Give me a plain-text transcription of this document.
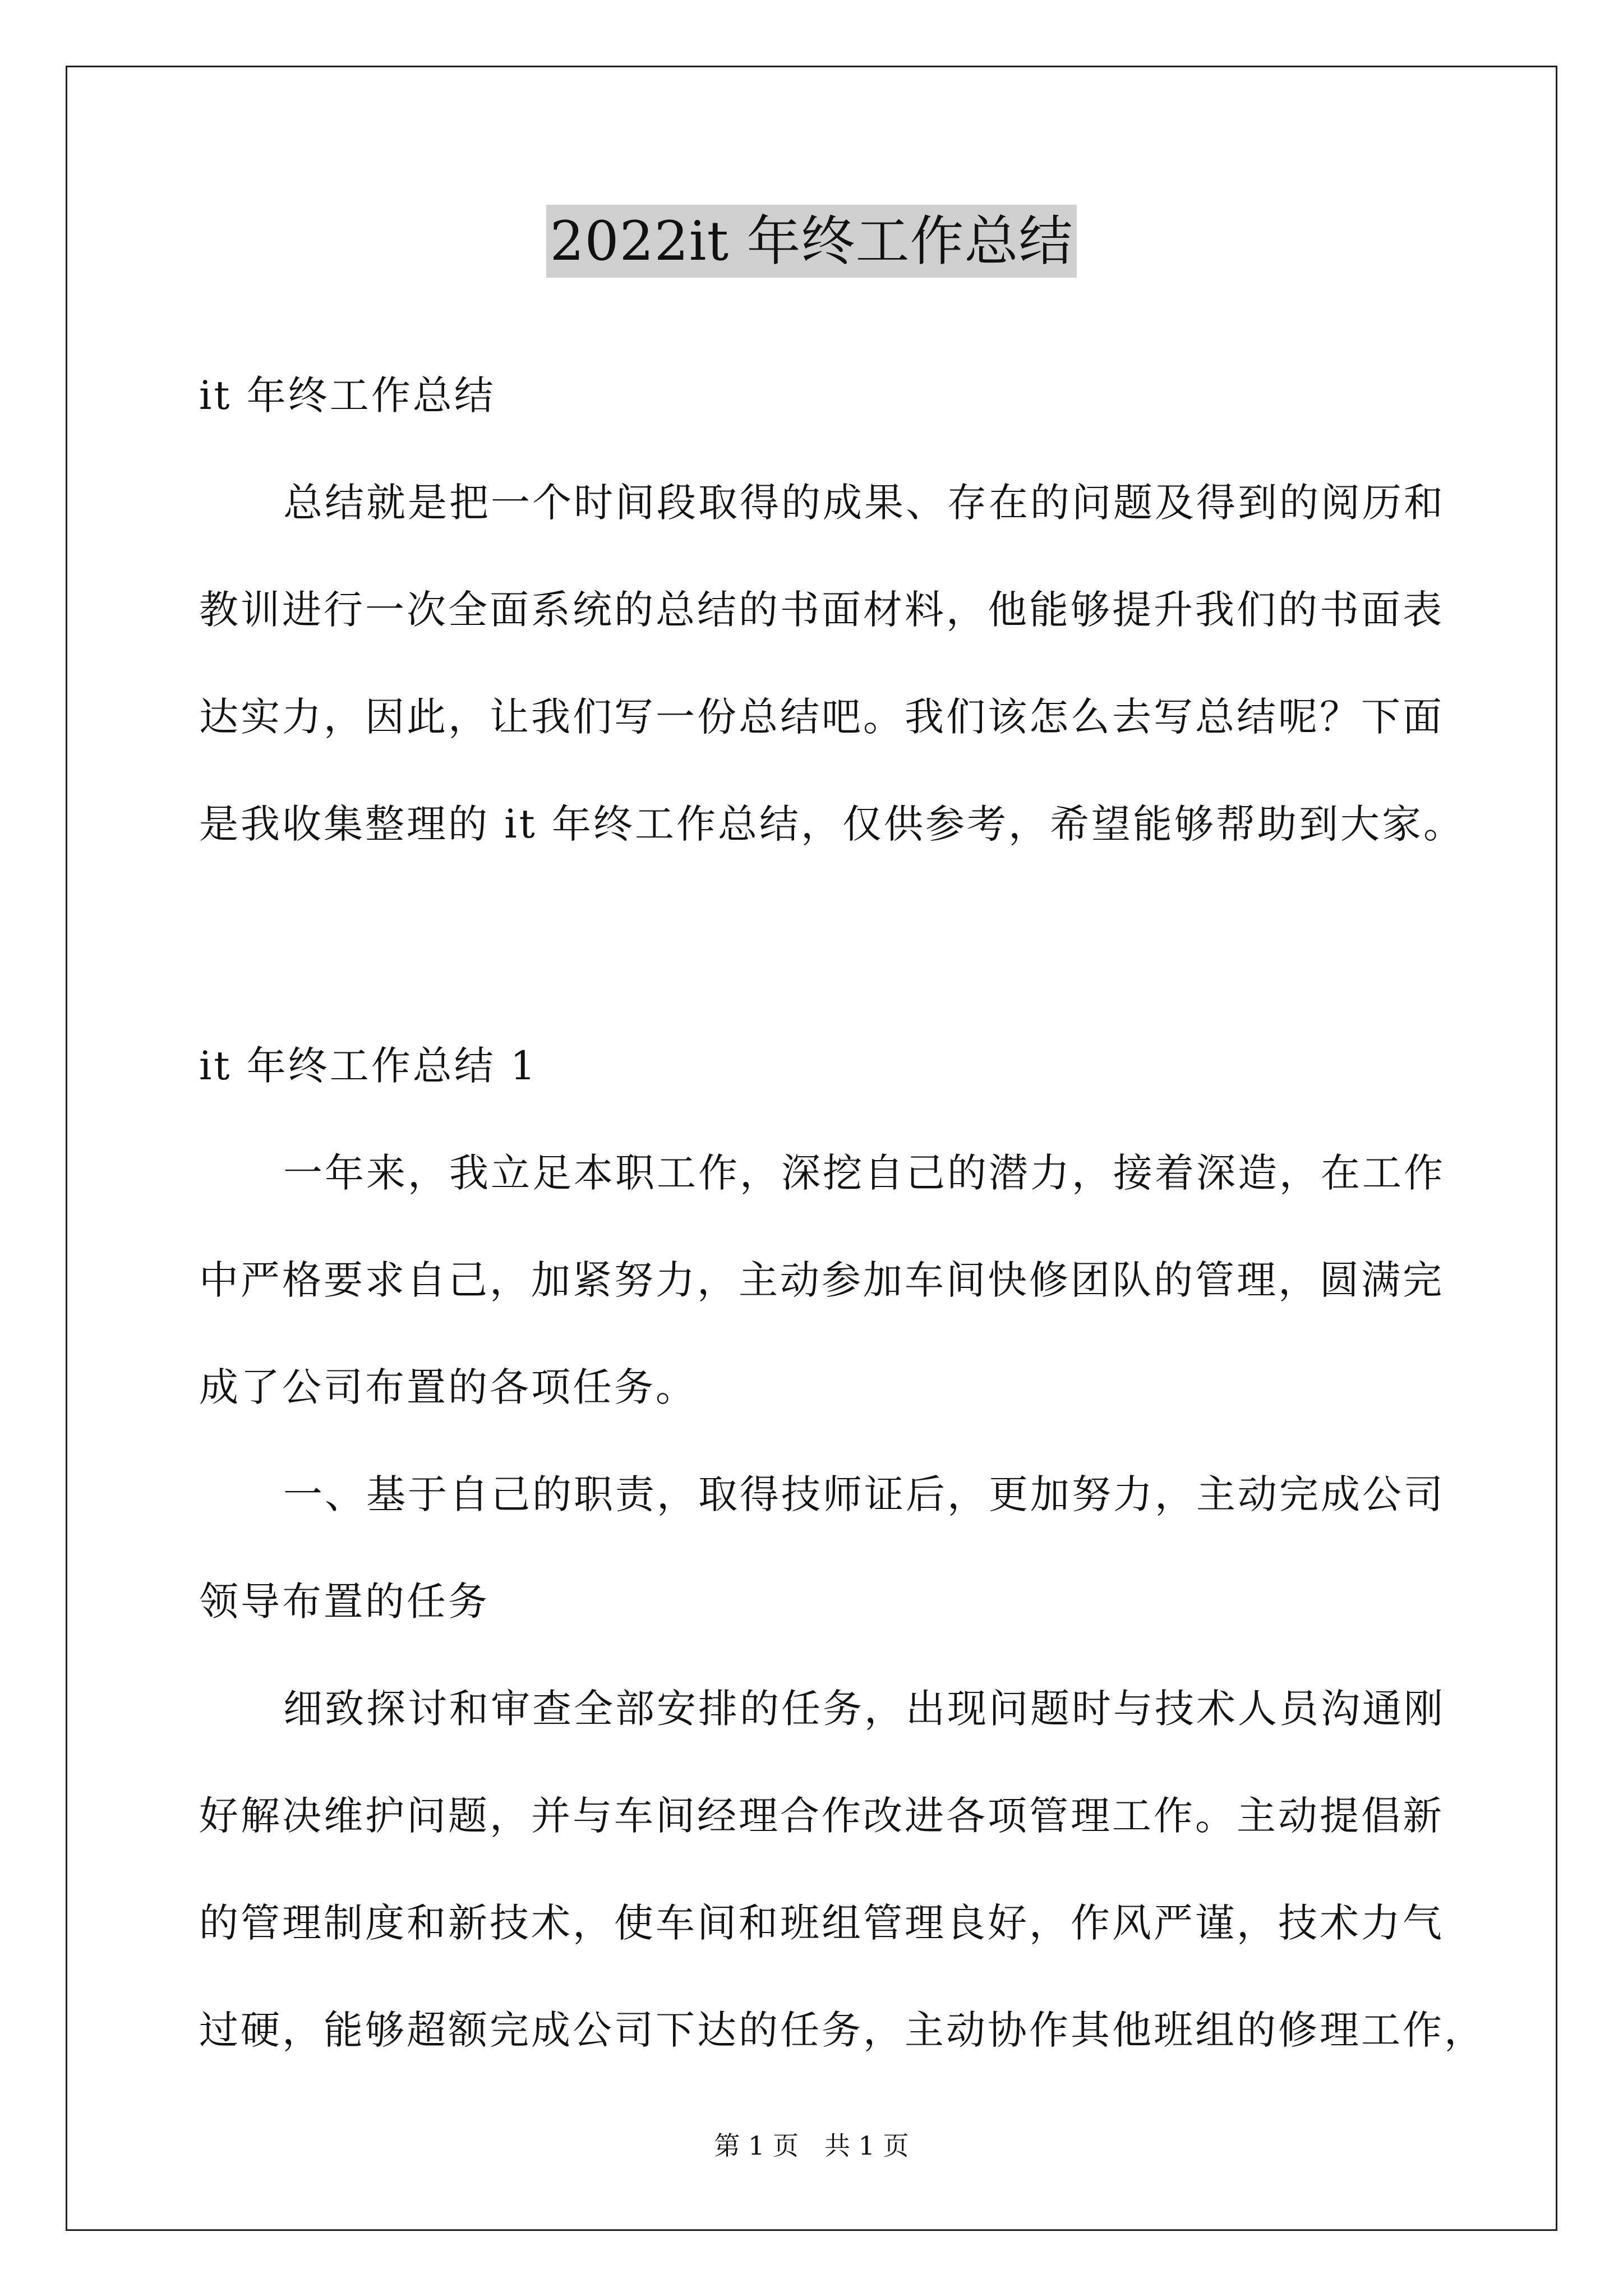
2022it 年终工作总结
it 年终工作总结
总结就是把一个时间段取得的成果、存在的问题及得到的阅历和
教训进行一次全面系统的总结的书面材料，他能够提升我们的书面表
达实力，因此，让我们写一份总结吧。我们该怎么去写总结呢？下面
是我收集整理的 it 年终工作总结，仅供参考，希望能够帮助到大家。
it 年终工作总结 1
一年来，我立足本职工作，深挖自己的潜力，接着深造，在工作
中严格要求自己，加紧努力，主动参加车间快修团队的管理，圆满完
成了公司布置的各项任务。
一、基于自己的职责，取得技师证后，更加努力，主动完成公司
领导布置的任务
细致探讨和审查全部安排的任务，出现问题时与技术人员沟通刚
好解决维护问题，并与车间经理合作改进各项管理工作。主动提倡新
的管理制度和新技术，使车间和班组管理良好，作风严谨，技术力气
过硬，能够超额完成公司下达的任务，主动协作其他班组的修理工作，
第 1 页　共 1 页
